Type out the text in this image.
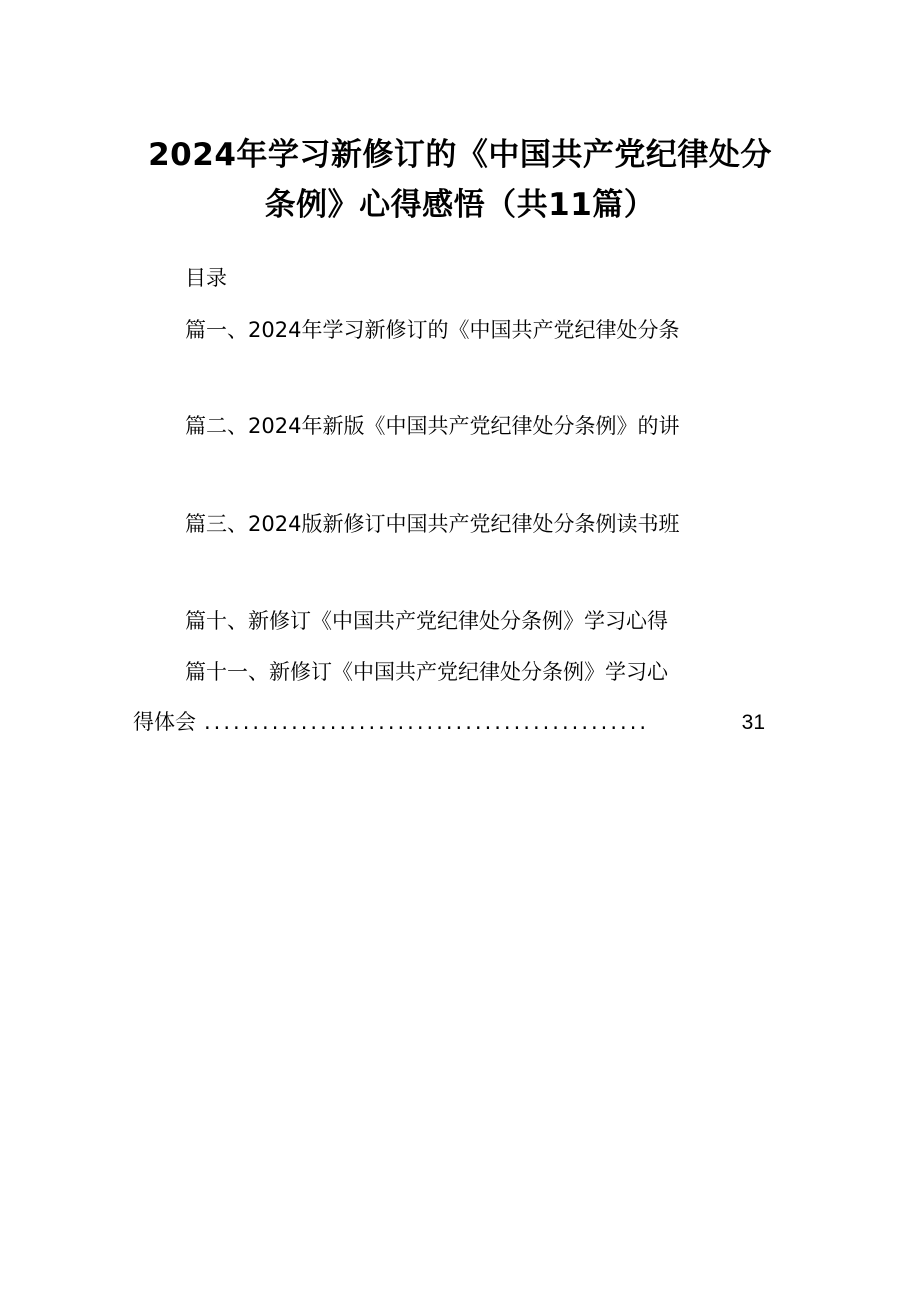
2024年学习新修订的《中国共产党纪律处分
条例》心得感悟（共11篇）
目录
篇一、2024年学习新修订的《中国共产党纪律处分条
篇二、2024年新版《中国共产党纪律处分条例》的讲
篇三、2024版新修订中国共产党纪律处分条例读书班
篇十、新修订《中国共产党纪律处分条例》学习心得
篇十一、新修订《中国共产党纪律处分条例》学习心
得体会 ..............................................	31
